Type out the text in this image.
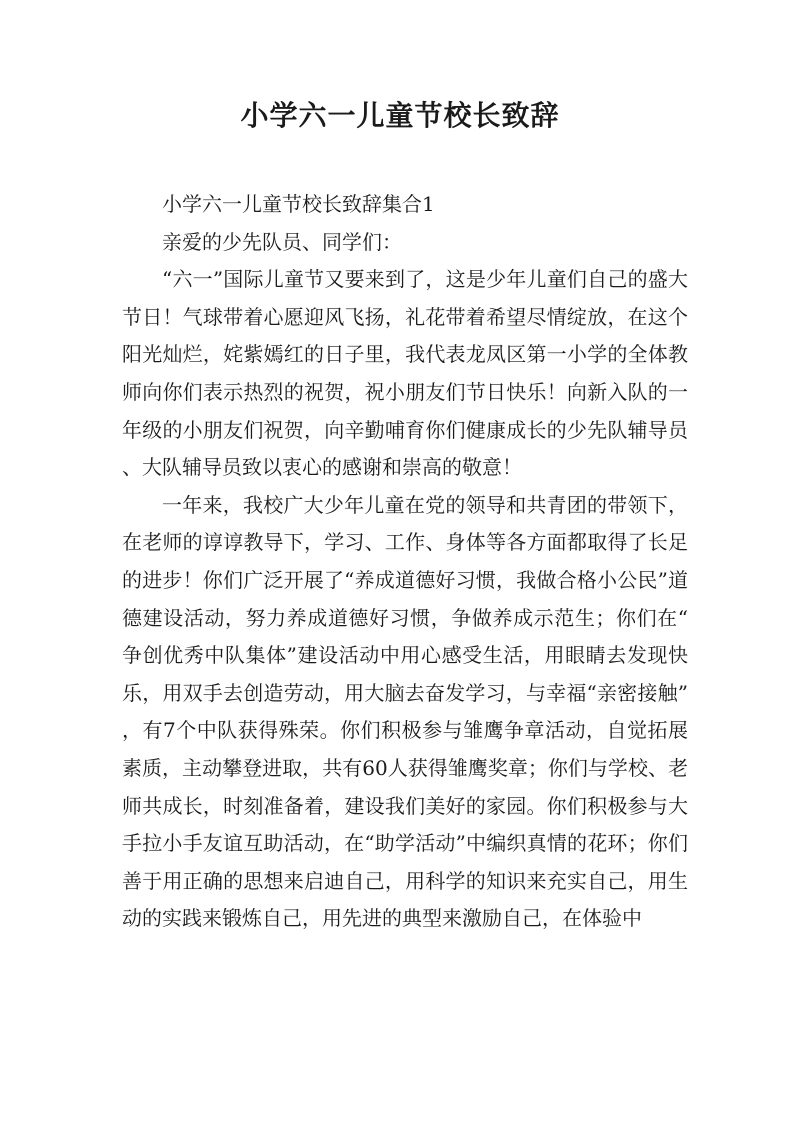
小学六一儿童节校长致辞

小学六一儿童节校长致辞集合1

亲爱的少先队员、同学们：

“六一”国际儿童节又要来到了，这是少年儿童们自己的盛大节日！气球带着心愿迎风飞扬，礼花带着希望尽情绽放，在这个阳光灿烂，姹紫嫣红的日子里，我代表龙凤区第一小学的全体教师向你们表示热烈的祝贺，祝小朋友们节日快乐！向新入队的一年级的小朋友们祝贺，向辛勤哺育你们健康成长的少先队辅导员、大队辅导员致以衷心的感谢和崇高的敬意！

一年来，我校广大少年儿童在党的领导和共青团的带领下，在老师的谆谆教导下，学习、工作、身体等各方面都取得了长足的进步！你们广泛开展了“养成道德好习惯，我做合格小公民”道德建设活动，努力养成道德好习惯，争做养成示范生；你们在“争创优秀中队集体”建设活动中用心感受生活，用眼睛去发现快乐，用双手去创造劳动，用大脑去奋发学习，与幸福“亲密接触”，有7个中队获得殊荣。你们积极参与雏鹰争章活动，自觉拓展素质，主动攀登进取，共有60人获得雏鹰奖章；你们与学校、老师共成长，时刻准备着，建设我们美好的家园。你们积极参与大手拉小手友谊互助活动，在“助学活动”中编织真情的花环；你们善于用正确的思想来启迪自己，用科学的知识来充实自己，用生动的实践来锻炼自己，用先进的典型来激励自己，在体验中
